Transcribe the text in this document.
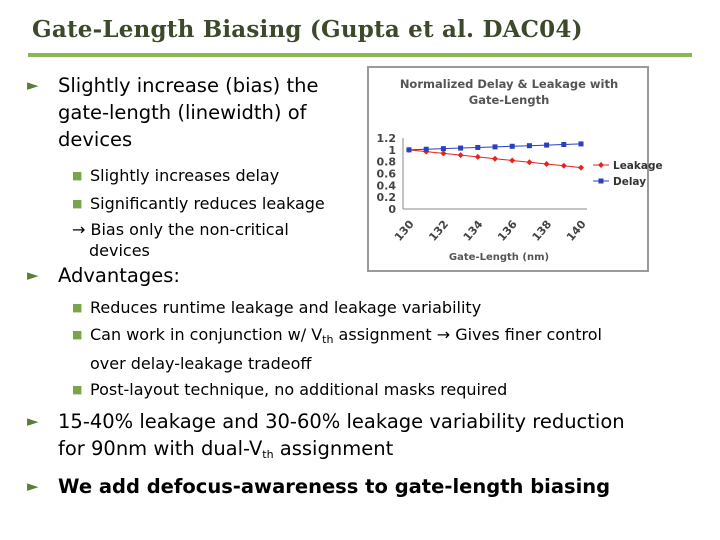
Gate-Length Biasing (Gupta et al. DAC04)
► Slightly increase (bias) the
gate-length (linewidth) of
devices
■ Slightly increases delay
■ Significantly reduces leakage
→ Bias only the non-critical
devices
► Advantages:
■ Reduces runtime leakage and leakage variability
■ Can work in conjunction w/ $V_{th}$ assignment → Gives finer control
over delay-leakage tradeoff
■ Post-layout technique, no additional masks required
► 15-40% leakage and 30-60% leakage variability reduction
for 90nm with dual-$V_{th}$ assignment
► We add defocus-awareness to gate-length biasing
Normalized Delay & Leakage with
Gate-Length
1.2
1
0.8
0.6
0.4
0.2
0
130 132 134 136 138 140
Gate-Length (nm)
Leakage
Delay
